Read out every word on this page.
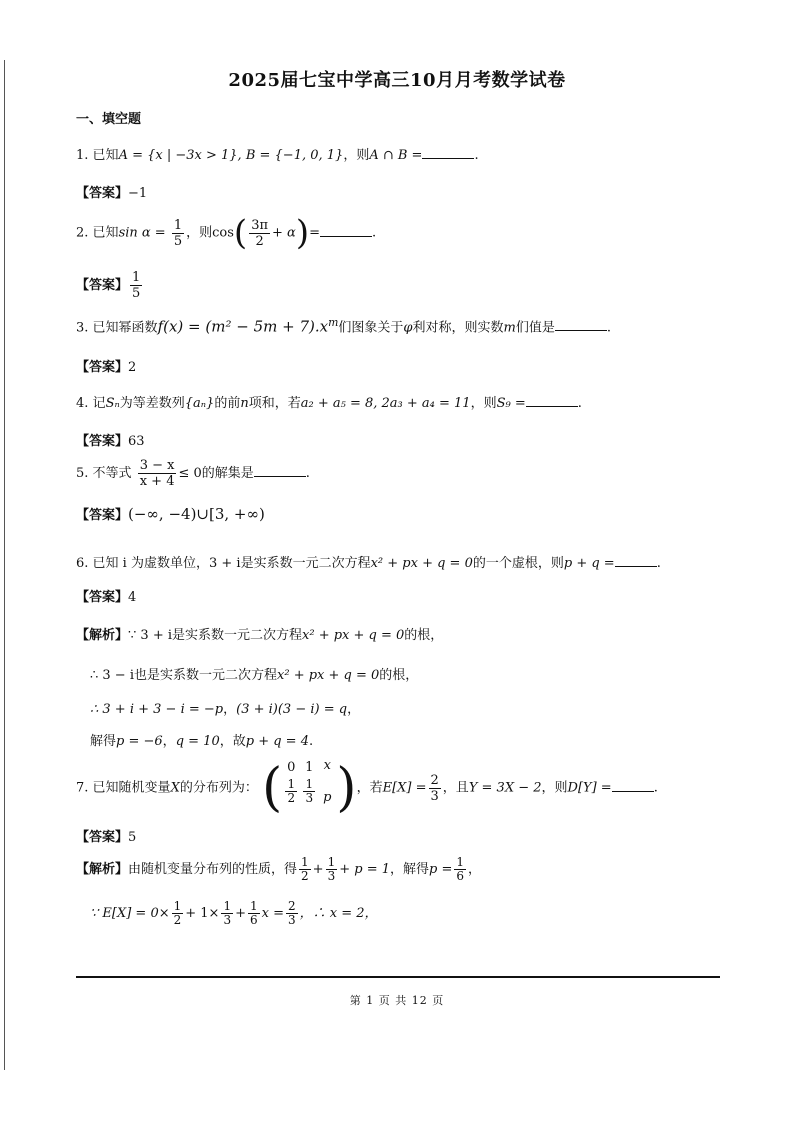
2025届七宝中学高三10月月考数学试卷
一、填空题
1. 已知A = {x | −3x > 1}, B = {−1, 0, 1}，则A ∩ B =	.
【答案】−1
2. 已知$\sin \alpha = \frac{1}{5}$ ，则$\cos( \frac{3\pi}{2} + \alpha)=$	.
【答案】 $\frac{1}{5}$
3. 已知幂函数$f(x) = (m^2 - 5m + 7).x^m$们图象关于φ利对称，则实数m们值是	.
【答案】2
4. 记Sₙ为等差数列{aₙ}的前n项和，若a₂ + a₅ = 8, 2a₃ + a₄ = 11，则S₉ =	.
【答案】63
5. 不等式 $\frac{3 - x}{x + 4} \le 0$的解集是	.
【答案】(−∞, −4)∪[3, +∞)
6. 已知 i 为虚数单位，3 + i是实系数一元二次方程x² + px + q = 0的一个虚根，则p + q =	.
【答案】4
【解析】∵ 3 + i是实系数一元二次方程x² + px + q = 0的根，
∴ 3 − i也是实系数一元二次方程x² + px + q = 0的根，
∴ 3 + i + 3 − i = −p，(3 + i)(3 − i) = q，
解得p = −6，q = 10，故p + q = 4.
7. 已知随机变量X的分布列为： ( 0 1 x
$\frac{1}{2} \frac{1}{3}$ p )，若$E[X] = \frac{2}{3}$ ，且Y = 3X − 2，则D[Y] =	.
【答案】5
【解析】由随机变量分布列的性质，得 $\frac{1}{2} + \frac{1}{3} + p = 1$，解得$p = \frac{1}{6}$ ，
∵ $E[X] = 0\times \frac{1}{2} + 1\times \frac{1}{3} + \frac{1}{6}$ $x = \frac{2}{3}$ ，∴ x = 2，
第 1 页 共 12 页
